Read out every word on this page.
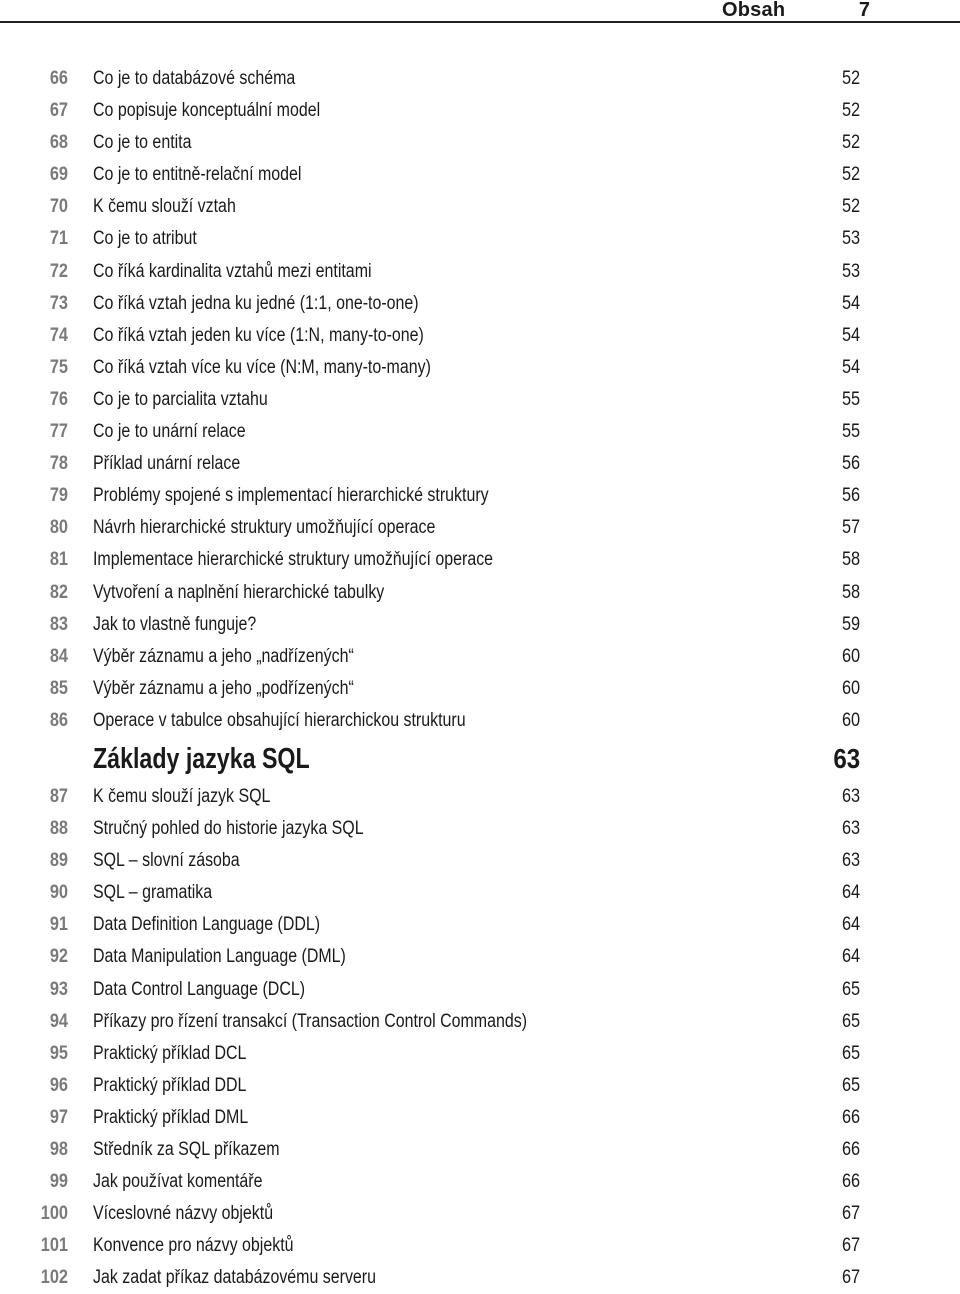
Obsah	7
66 Co je to databázové schéma	52
67 Co popisuje konceptuální model	52
68 Co je to entita	52
69 Co je to entitně-relační model	52
70 K čemu slouží vztah	52
71 Co je to atribut	53
72 Co říká kardinalita vztahů mezi entitami	53
73 Co říká vztah jedna ku jedné (1:1, one-to-one)	54
74 Co říká vztah jeden ku více (1:N, many-to-one)	54
75 Co říká vztah více ku více (N:M, many-to-many)	54
76 Co je to parcialita vztahu	55
77 Co je to unární relace	55
78 Příklad unární relace	56
79 Problémy spojené s implementací hierarchické struktury	56
80 Návrh hierarchické struktury umožňující operace	57
81 Implementace hierarchické struktury umožňující operace	58
82 Vytvoření a naplnění hierarchické tabulky	58
83 Jak to vlastně funguje?	59
84 Výběr záznamu a jeho „nadřízených“	60
85 Výběr záznamu a jeho „podřízených“	60
86 Operace v tabulce obsahující hierarchickou strukturu	60
Základy jazyka SQL	63
87 K čemu slouží jazyk SQL	63
88 Stručný pohled do historie jazyka SQL	63
89 SQL – slovní zásoba	63
90 SQL – gramatika	64
91 Data Definition Language (DDL)	64
92 Data Manipulation Language (DML)	64
93 Data Control Language (DCL)	65
94 Příkazy pro řízení transakcí (Transaction Control Commands)	65
95 Praktický příklad DCL	65
96 Praktický příklad DDL	65
97 Praktický příklad DML	66
98 Středník za SQL příkazem	66
99 Jak používat komentáře	66
100 Víceslovné názvy objektů	67
101 Konvence pro názvy objektů	67
102 Jak zadat příkaz databázovému serveru	67
